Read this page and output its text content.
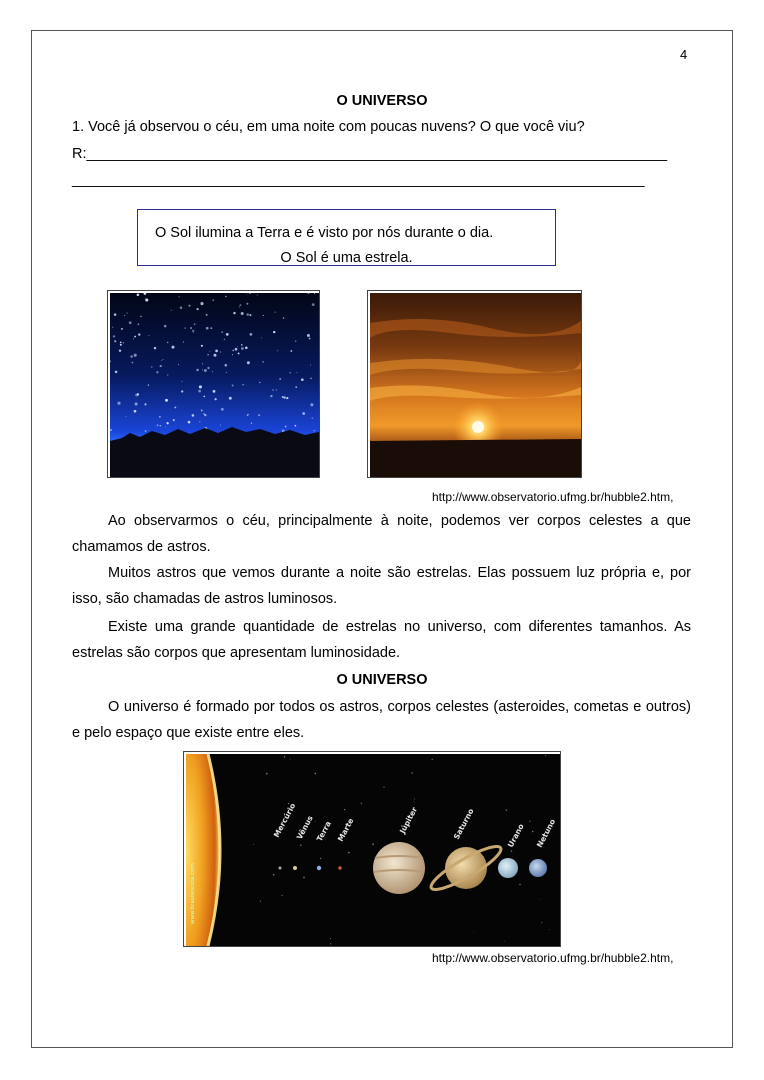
4
O UNIVERSO
1. Você já observou o céu, em uma noite com poucas nuvens? O que você viu?
R:________________________________________________________________________
_______________________________________________________________________
O Sol ilumina a Terra e é visto por nós durante o dia.
O Sol é uma estrela.
http://www.observatorio.ufmg.br/hubble2.htm,

Ao observarmos o céu, principalmente à noite, podemos ver corpos celestes a que chamamos de astros.

Muitos astros que vemos durante a noite são estrelas. Elas possuem luz própria e, por isso, são chamadas de astros luminosos.

Existe uma grande quantidade de estrelas no universo, com diferentes tamanhos. As estrelas são corpos que apresentam luminosidade.

O UNIVERSO

O universo é formado por todos os astros, corpos celestes (asteroides, cometas e outros) e pelo espaço que existe entre eles.

www.brasilescola.com
Mercúrio
Vênus Terra Marte	Júpiter	Saturno	Urano Netuno
http://www.observatorio.ufmg.br/hubble2.htm,
